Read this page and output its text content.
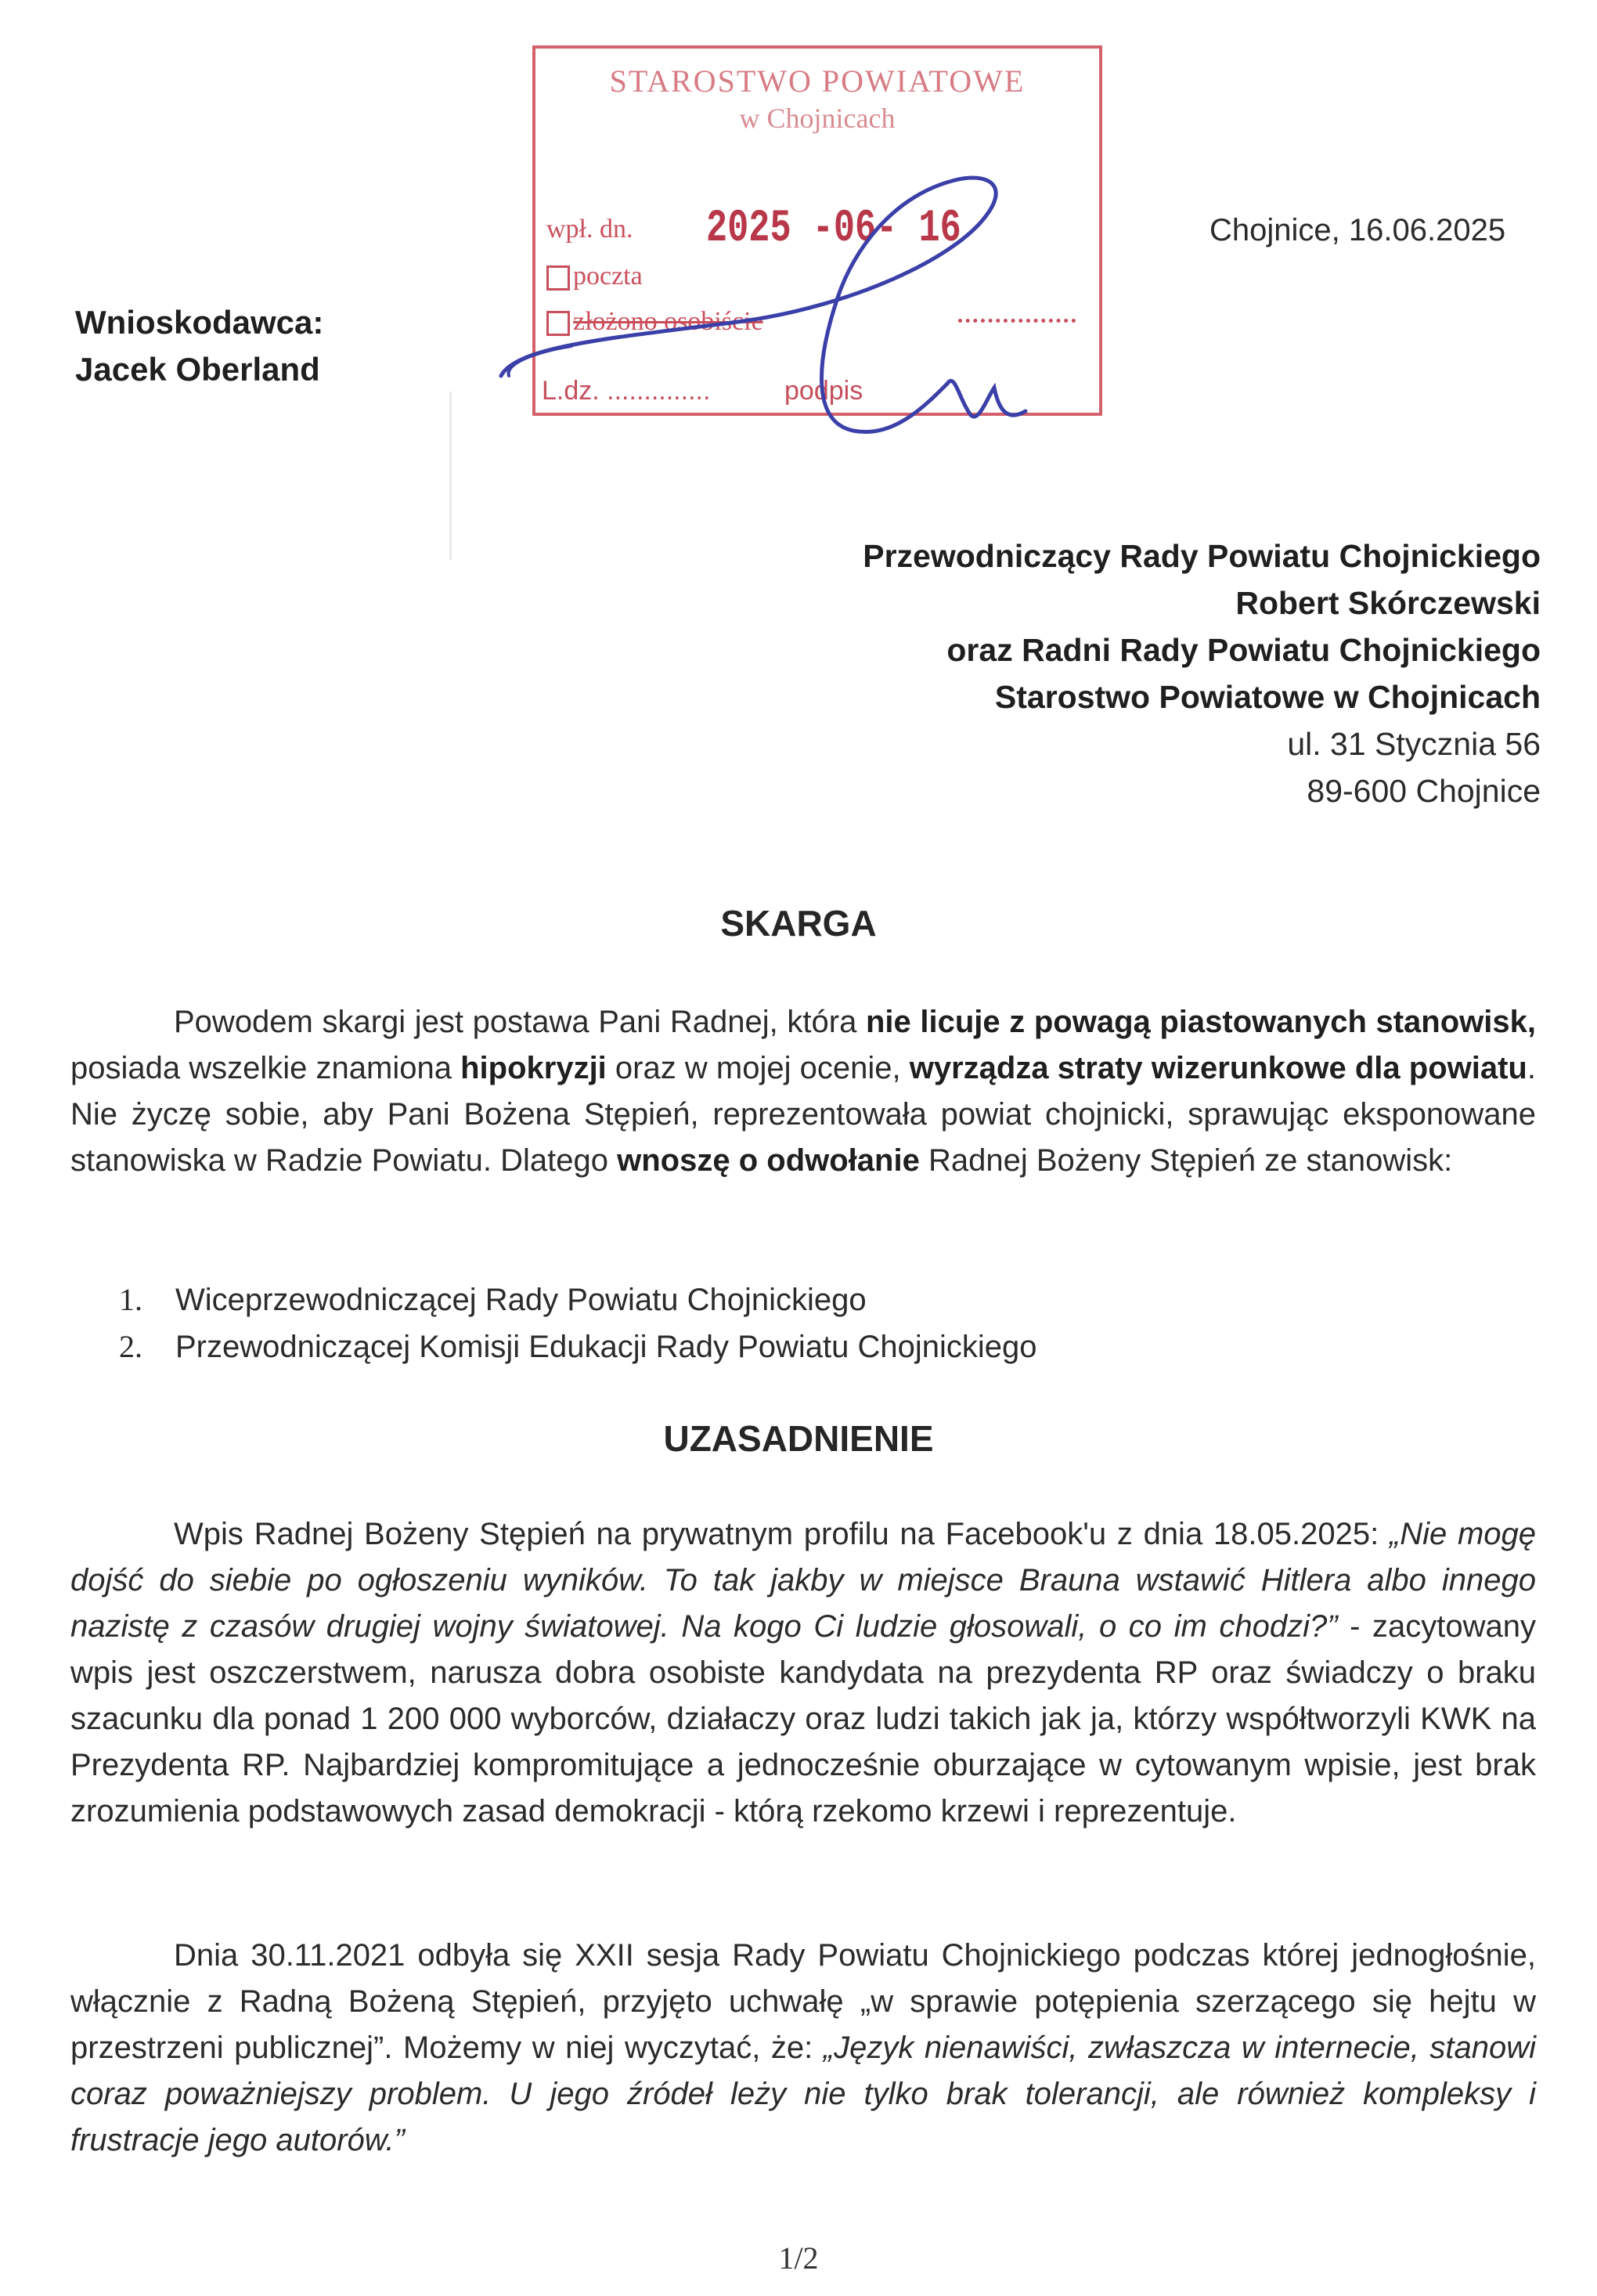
STAROSTWO POWIATOWE
w Chojnicach
wpł. dn. 2025 -06- 16
poczta
złożono osobiście
L.dz. ..............	podpis
Chojnice, 16.06.2025
Wnioskodawca:
Jacek Oberland
Przewodniczący Rady Powiatu Chojnickiego
Robert Skórczewski
oraz Radni Rady Powiatu Chojnickiego
Starostwo Powiatowe w Chojnicach
ul. 31 Stycznia 56
89-600 Chojnice
SKARGA
Powodem skargi jest postawa Pani Radnej, która nie licuje z powagą piastowanych stanowisk, posiada wszelkie znamiona hipokryzji oraz w mojej ocenie, wyrządza straty wizerunkowe dla powiatu. Nie życzę sobie, aby Pani Bożena Stępień, reprezentowała powiat chojnicki, sprawując eksponowane stanowiska w Radzie Powiatu. Dlatego wnoszę o odwołanie Radnej Bożeny Stępień ze stanowisk:
1. Wiceprzewodniczącej Rady Powiatu Chojnickiego
2. Przewodniczącej Komisji Edukacji Rady Powiatu Chojnickiego
UZASADNIENIE
Wpis Radnej Bożeny Stępień na prywatnym profilu na Facebook'u z dnia 18.05.2025: „Nie mogę dojść do siebie po ogłoszeniu wyników. To tak jakby w miejsce Brauna wstawić Hitlera albo innego nazistę z czasów drugiej wojny światowej. Na kogo Ci ludzie głosowali, o co im chodzi?” - zacytowany wpis jest oszczerstwem, narusza dobra osobiste kandydata na prezydenta RP oraz świadczy o braku szacunku dla ponad 1 200 000 wyborców, działaczy oraz ludzi takich jak ja, którzy współtworzyli KWK na Prezydenta RP. Najbardziej kompromitujące a jednocześnie oburzające w cytowanym wpisie, jest brak zrozumienia podstawowych zasad demokracji - którą rzekomo krzewi i reprezentuje.
Dnia 30.11.2021 odbyła się XXII sesja Rady Powiatu Chojnickiego podczas której jednogłośnie, włącznie z Radną Bożeną Stępień, przyjęto uchwałę „w sprawie potępienia szerzącego się hejtu w przestrzeni publicznej”. Możemy w niej wyczytać, że: „Język nienawiści, zwłaszcza w internecie, stanowi coraz poważniejszy problem. U jego źródeł leży nie tylko brak tolerancji, ale również kompleksy i frustracje jego autorów.”
1/2
